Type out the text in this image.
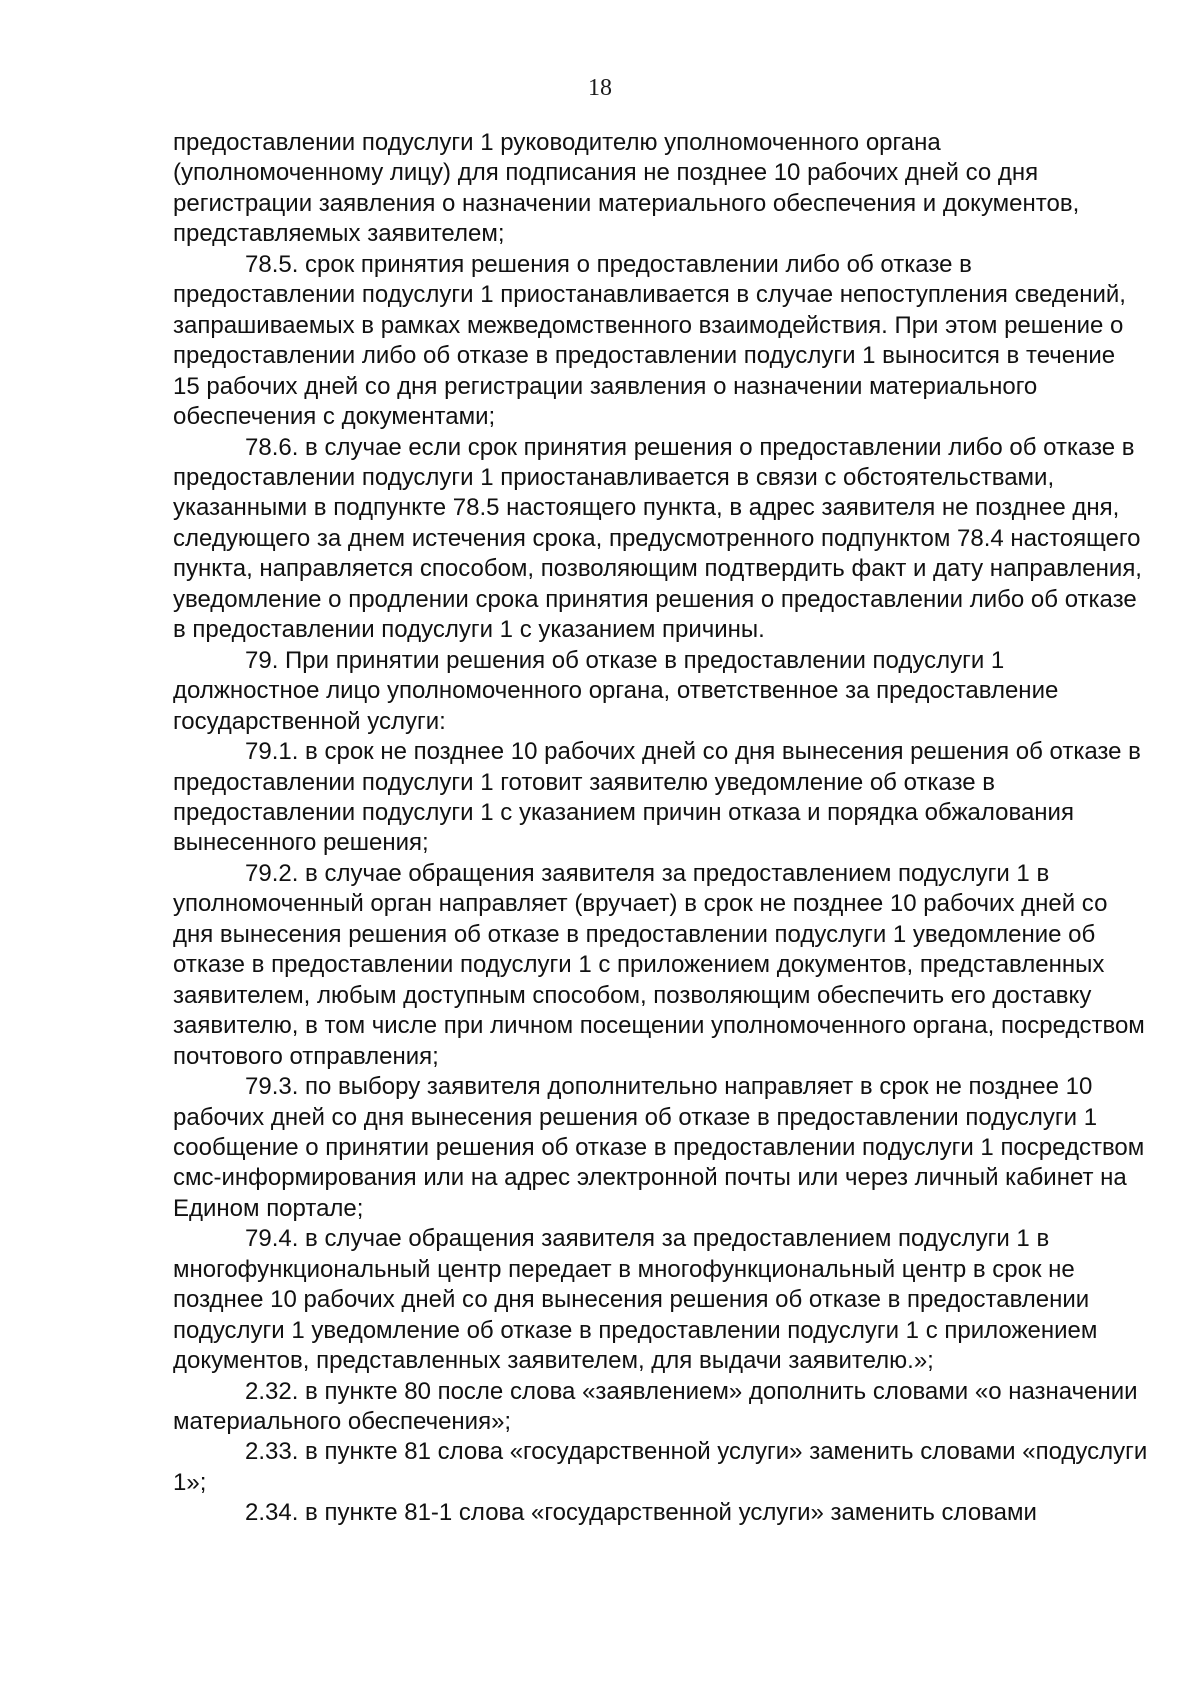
18

предоставлении подуслуги 1 руководителю уполномоченного органа (уполномоченному лицу) для подписания не позднее 10 рабочих дней со дня регистрации заявления о назначении материального обеспечения и документов, представляемых заявителем;

78.5. срок принятия решения о предоставлении либо об отказе в предоставлении подуслуги 1 приостанавливается в случае непоступления сведений, запрашиваемых в рамках межведомственного взаимодействия. При этом решение о предоставлении либо об отказе в предоставлении подуслуги 1 выносится в течение 15 рабочих дней со дня регистрации заявления о назначении материального обеспечения с документами;

78.6. в случае если срок принятия решения о предоставлении либо об отказе в предоставлении подуслуги 1 приостанавливается в связи с обстоятельствами, указанными в подпункте 78.5 настоящего пункта, в адрес заявителя не позднее дня, следующего за днем истечения срока, предусмотренного подпунктом 78.4 настоящего пункта, направляется способом, позволяющим подтвердить факт и дату направления, уведомление о продлении срока принятия решения о предоставлении либо об отказе в предоставлении подуслуги 1 с указанием причины.

79. При принятии решения об отказе в предоставлении подуслуги 1 должностное лицо уполномоченного органа, ответственное за предоставление государственной услуги:

79.1. в срок не позднее 10 рабочих дней со дня вынесения решения об отказе в предоставлении подуслуги 1 готовит заявителю уведомление об отказе в предоставлении подуслуги 1 с указанием причин отказа и порядка обжалования вынесенного решения;

79.2. в случае обращения заявителя за предоставлением подуслуги 1 в уполномоченный орган направляет (вручает) в срок не позднее 10 рабочих дней со дня вынесения решения об отказе в предоставлении подуслуги 1 уведомление об отказе в предоставлении подуслуги 1 с приложением документов, представленных заявителем, любым доступным способом, позволяющим обеспечить его доставку заявителю, в том числе при личном посещении уполномоченного органа, посредством почтового отправления;

79.3. по выбору заявителя дополнительно направляет в срок не позднее 10 рабочих дней со дня вынесения решения об отказе в предоставлении подуслуги 1 сообщение о принятии решения об отказе в предоставлении подуслуги 1 посредством смс-информирования или на адрес электронной почты или через личный кабинет на Едином портале;

79.4. в случае обращения заявителя за предоставлением подуслуги 1 в многофункциональный центр передает в многофункциональный центр в срок не позднее 10 рабочих дней со дня вынесения решения об отказе в предоставлении подуслуги 1 уведомление об отказе в предоставлении подуслуги 1 с приложением документов, представленных заявителем, для выдачи заявителю.»;

2.32. в пункте 80 после слова «заявлением» дополнить словами «о назначении материального обеспечения»;

2.33. в пункте 81 слова «государственной услуги» заменить словами «подуслуги 1»;

2.34. в пункте 81-1 слова «государственной услуги» заменить словами
